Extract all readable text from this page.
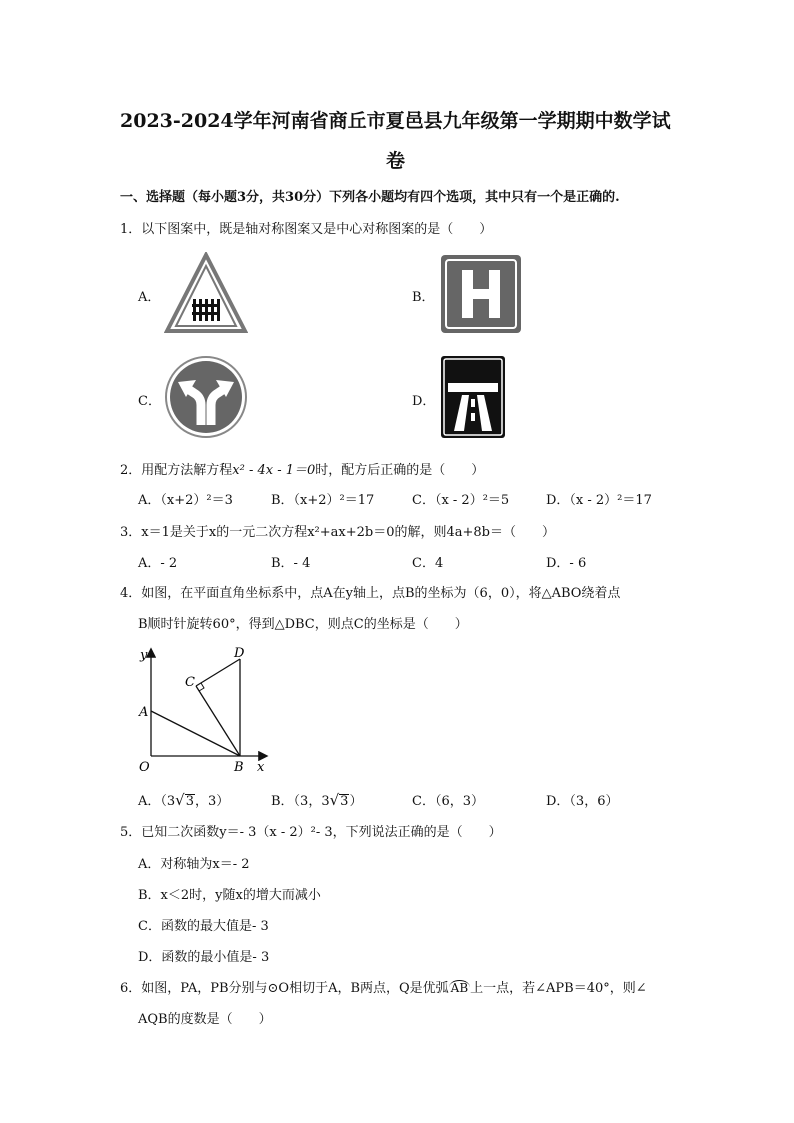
2023-2024学年河南省商丘市夏邑县九年级第一学期期中数学试
卷
一、选择题（每小题3分，共30分）下列各小题均有四个选项，其中只有一个是正确的.
1．以下图案中，既是轴对称图案又是中心对称图案的是（　　）
A．	B．
C．	D．
2．用配方法解方程x² - 4x - 1＝0时，配方后正确的是（　　）
A．（x+2）²＝3	B．（x+2）²＝17	C．（x - 2）²＝5	D．（x - 2）²＝17
3．x＝1是关于x的一元二次方程x²+ax+2b＝0的解，则4a+8b＝（　　）
A．- 2	B．- 4	C．4	D．- 6
4．如图，在平面直角坐标系中，点A在y轴上，点B的坐标为（6，0），将△ABO绕着点
B顺时针旋转60°，得到△DBC，则点C的坐标是（　　）
y
x
O
A
B
C
D
A．（3√3，3）	B．（3，3√3）	C．（6，3）	D．（3，6）
5．已知二次函数y＝- 3（x - 2）²- 3，下列说法正确的是（　　）
A．对称轴为x＝- 2
B．x＜2时，y随x的增大而减小
C．函数的最大值是- 3
D．函数的最小值是- 3
6．如图，PA，PB分别与⊙O相切于A，B两点，Q是优弧 AB 上一点，若∠APB＝40°，则∠
AQB的度数是（　　）
